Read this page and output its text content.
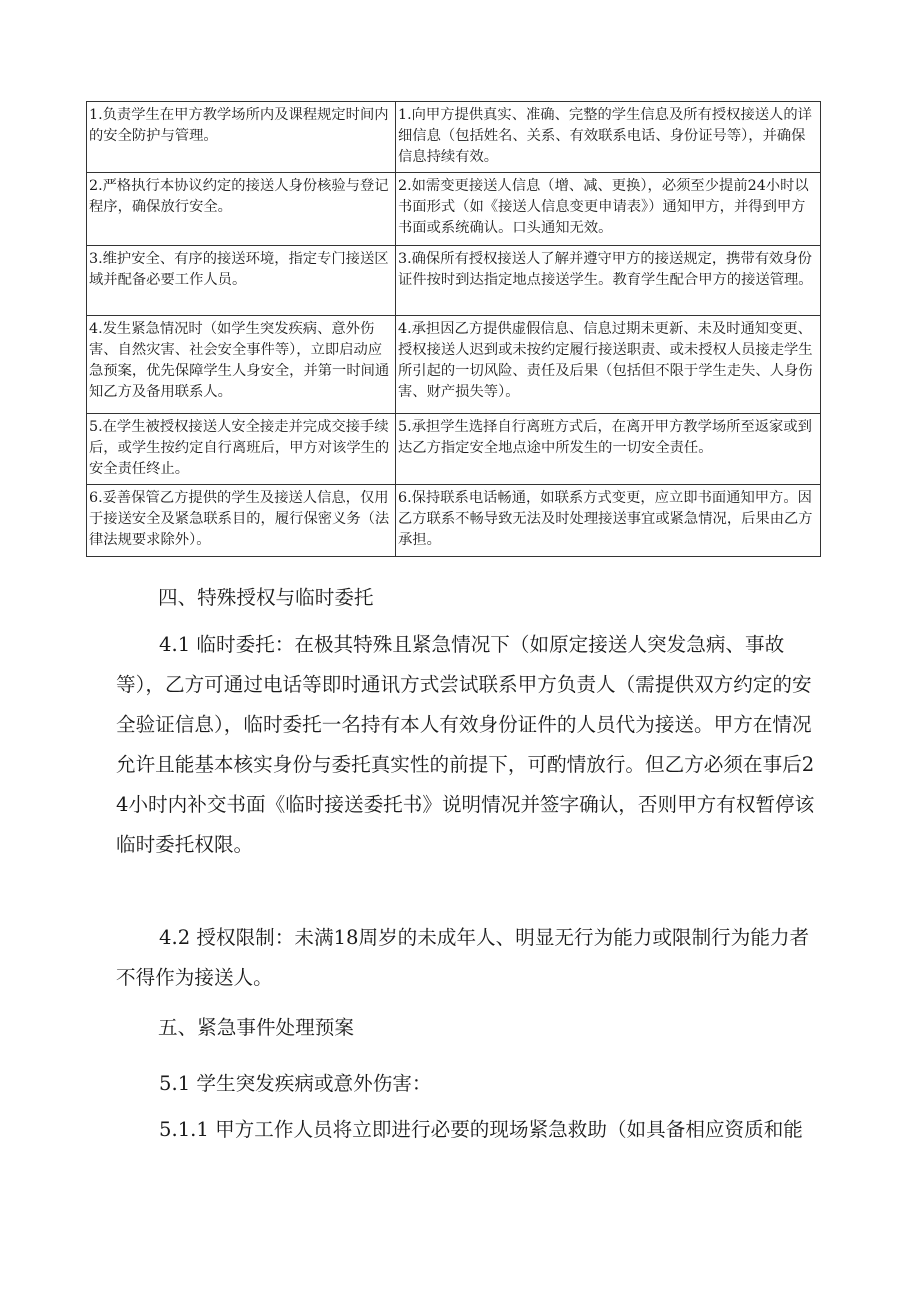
1.负责学生在甲方教学场所内及课程规定时间内的安全防护与管理。	1.向甲方提供真实、准确、完整的学生信息及所有授权接送人的详细信息（包括姓名、关系、有效联系电话、身份证号等），并确保信息持续有效。
2.严格执行本协议约定的接送人身份核验与登记程序，确保放行安全。	2.如需变更接送人信息（增、减、更换），必须至少提前24小时以书面形式（如《接送人信息变更申请表》）通知甲方，并得到甲方书面或系统确认。口头通知无效。
3.维护安全、有序的接送环境，指定专门接送区域并配备必要工作人员。	3.确保所有授权接送人了解并遵守甲方的接送规定，携带有效身份证件按时到达指定地点接送学生。教育学生配合甲方的接送管理。
4.发生紧急情况时（如学生突发疾病、意外伤害、自然灾害、社会安全事件等），立即启动应急预案，优先保障学生人身安全，并第一时间通知乙方及备用联系人。	4.承担因乙方提供虚假信息、信息过期未更新、未及时通知变更、授权接送人迟到或未按约定履行接送职责、或未授权人员接走学生所引起的一切风险、责任及后果（包括但不限于学生走失、人身伤害、财产损失等）。
5.在学生被授权接送人安全接走并完成交接手续后，或学生按约定自行离班后，甲方对该学生的安全责任终止。	5.承担学生选择自行离班方式后，在离开甲方教学场所至返家或到达乙方指定安全地点途中所发生的一切安全责任。
6.妥善保管乙方提供的学生及接送人信息，仅用于接送安全及紧急联系目的，履行保密义务（法律法规要求除外）。	6.保持联系电话畅通，如联系方式变更，应立即书面通知甲方。因乙方联系不畅导致无法及时处理接送事宜或紧急情况，后果由乙方承担。
四、特殊授权与临时委托

4.1 临时委托：在极其特殊且紧急情况下（如原定接送人突发急病、事故等），乙方可通过电话等即时通讯方式尝试联系甲方负责人（需提供双方约定的安全验证信息），临时委托一名持有本人有效身份证件的人员代为接送。甲方在情况允许且能基本核实身份与委托真实性的前提下，可酌情放行。但乙方必须在事后24小时内补交书面《临时接送委托书》说明情况并签字确认，否则甲方有权暂停该临时委托权限。

4.2 授权限制：未满18周岁的未成年人、明显无行为能力或限制行为能力者不得作为接送人。

五、紧急事件处理预案

5.1 学生突发疾病或意外伤害：

5.1.1 甲方工作人员将立即进行必要的现场紧急救助（如具备相应资质和能
